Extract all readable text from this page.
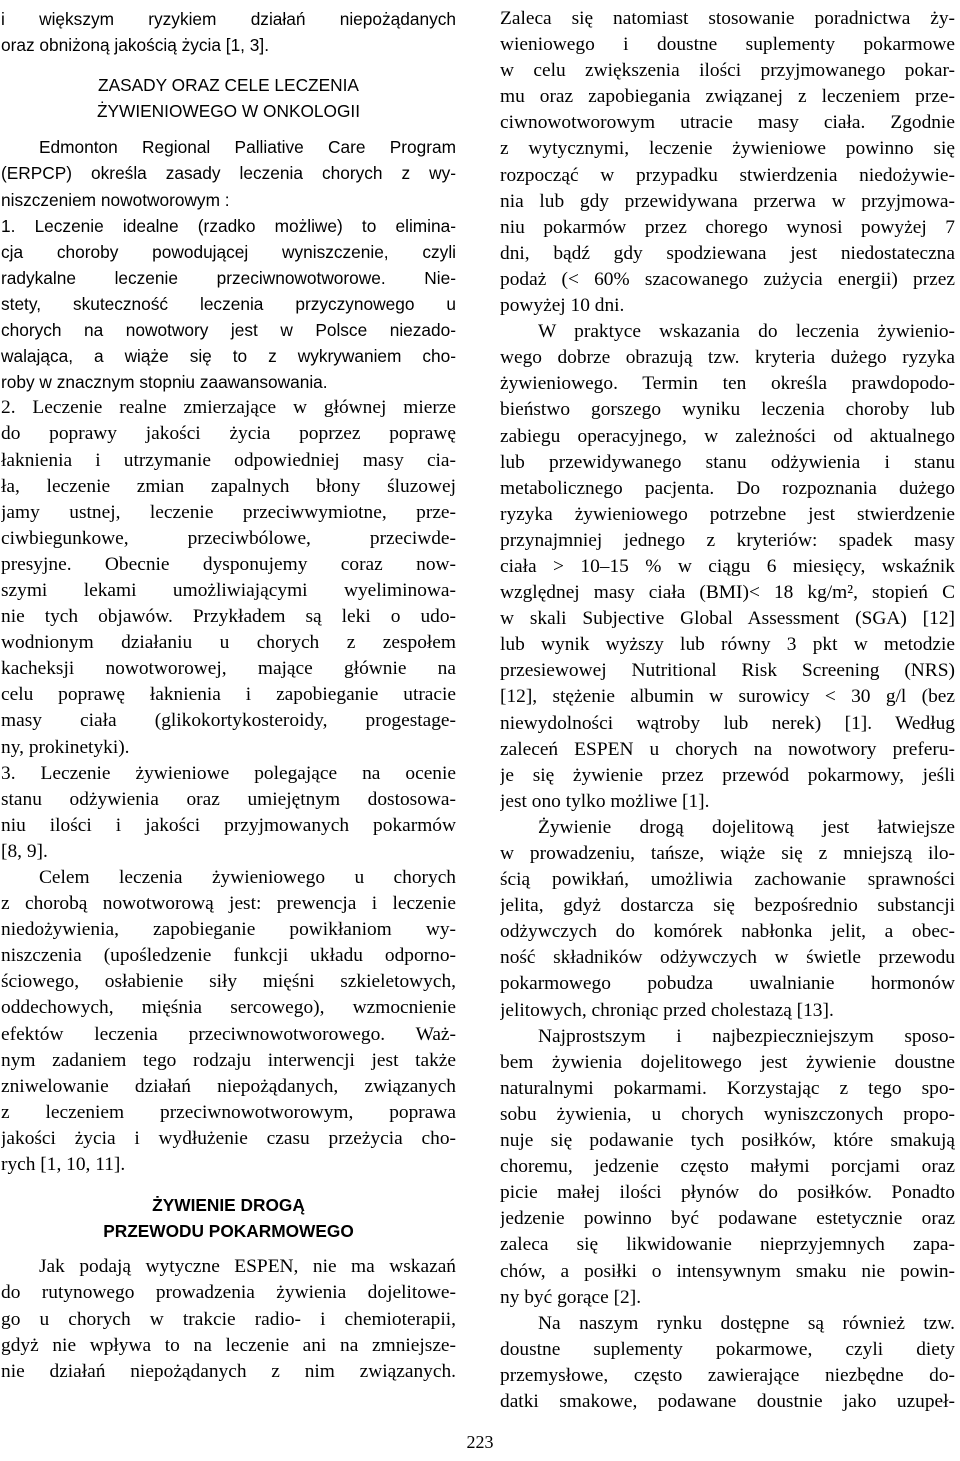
i większym ryzykiem działań niepożądanych
oraz obniżoną jakością życia [1, 3].
ZASADY ORAZ CELE LECZENIA
ŻYWIENIOWEGO W ONKOLOGII
Edmonton Regional Palliative Care Program
(ERPCP) określa zasady leczenia chorych z wy-
niszczeniem nowotworowym :
1. Leczenie idealne (rzadko możliwe) to elimina-
cja choroby powodującej wyniszczenie, czyli
radykalne leczenie przeciwnowotworowe. Nie-
stety, skuteczność leczenia przyczynowego u
chorych na nowotwory jest w Polsce niezado-
walająca, a wiąże się to z wykrywaniem cho-
roby w znacznym stopniu zaawansowania.
2. Leczenie realne zmierzające w głównej mierze
do poprawy jakości życia poprzez poprawę
łaknienia i utrzymanie odpowiedniej masy cia-
ła, leczenie zmian zapalnych błony śluzowej
jamy ustnej, leczenie przeciwwymiotne, prze-
ciwbiegunkowe, przeciwbólowe, przeciwde-
presyjne. Obecnie dysponujemy coraz now-
szymi lekami umożliwiającymi wyeliminowa-
nie tych objawów. Przykładem są leki o udo-
wodnionym działaniu u chorych z zespołem
kacheksji nowotworowej, mające głównie na
celu poprawę łaknienia i zapobieganie utracie
masy ciała (glikokortykosteroidy, progestage-
ny, prokinetyki).
3. Leczenie żywieniowe polegające na ocenie
stanu odżywienia oraz umiejętnym dostosowa-
niu ilości i jakości przyjmowanych pokarmów
[8, 9].
Celem leczenia żywieniowego u chorych
z chorobą nowotworową jest: prewencja i leczenie
niedożywienia, zapobieganie powikłaniom wy-
niszczenia (upośledzenie funkcji układu odporno-
ściowego, osłabienie siły mięśni szkieletowych,
oddechowych, mięśnia sercowego), wzmocnienie
efektów leczenia przeciwnowotworowego. Waż-
nym zadaniem tego rodzaju interwencji jest także
zniwelowanie działań niepożądanych, związanych
z leczeniem przeciwnowotworowym, poprawa
jakości życia i wydłużenie czasu przeżycia cho-
rych [1, 10, 11].
ŻYWIENIE DROGĄ
PRZEWODU POKARMOWEGO
Jak podają wytyczne ESPEN, nie ma wskazań
do rutynowego prowadzenia żywienia dojelitowe-
go u chorych w trakcie radio- i chemioterapii,
gdyż nie wpływa to na leczenie ani na zmniejsze-
nie działań niepożądanych z nim związanych.
Zaleca się natomiast stosowanie poradnictwa ży-
wieniowego i doustne suplementy pokarmowe
w celu zwiększenia ilości przyjmowanego pokar-
mu oraz zapobiegania związanej z leczeniem prze-
ciwnowotworowym utracie masy ciała. Zgodnie
z wytycznymi, leczenie żywieniowe powinno się
rozpocząć w przypadku stwierdzenia niedożywie-
nia lub gdy przewidywana przerwa w przyjmowa-
niu pokarmów przez chorego wynosi powyżej 7
dni, bądź gdy spodziewana jest niedostateczna
podaż (< 60% szacowanego zużycia energii) przez
powyżej 10 dni.
W praktyce wskazania do leczenia żywienio-
wego dobrze obrazują tzw. kryteria dużego ryzyka
żywieniowego. Termin ten określa prawdopodo-
bieństwo gorszego wyniku leczenia choroby lub
zabiegu operacyjnego, w zależności od aktualnego
lub przewidywanego stanu odżywienia i stanu
metabolicznego pacjenta. Do rozpoznania dużego
ryzyka żywieniowego potrzebne jest stwierdzenie
przynajmniej jednego z kryteriów: spadek masy
ciała > 10–15 % w ciągu 6 miesięcy, wskaźnik
względnej masy ciała (BMI)< 18 kg/m², stopień C
w skali Subjective Global Assessment (SGA) [12]
lub wynik wyższy lub równy 3 pkt w metodzie
przesiewowej Nutritional Risk Screening (NRS)
[12], stężenie albumin w surowicy < 30 g/l (bez
niewydolności wątroby lub nerek) [1]. Według
zaleceń ESPEN u chorych na nowotwory preferu-
je się żywienie przez przewód pokarmowy, jeśli
jest ono tylko możliwe [1].
Żywienie drogą dojelitową jest łatwiejsze
w prowadzeniu, tańsze, wiąże się z mniejszą ilo-
ścią powikłań, umożliwia zachowanie sprawności
jelita, gdyż dostarcza się bezpośrednio substancji
odżywczych do komórek nabłonka jelit, a obec-
ność składników odżywczych w świetle przewodu
pokarmowego pobudza uwalnianie hormonów
jelitowych, chroniąc przed cholestazą [13].
Najprostszym i najbezpieczniejszym sposo-
bem żywienia dojelitowego jest żywienie doustne
naturalnymi pokarmami. Korzystając z tego spo-
sobu żywienia, u chorych wyniszczonych propo-
nuje się podawanie tych posiłków, które smakują
choremu, jedzenie często małymi porcjami oraz
picie małej ilości płynów do posiłków. Ponadto
jedzenie powinno być podawane estetycznie oraz
zaleca się likwidowanie nieprzyjemnych zapa-
chów, a posiłki o intensywnym smaku nie powin-
ny być gorące [2].
Na naszym rynku dostępne są również tzw.
doustne suplementy pokarmowe, czyli diety
przemysłowe, często zawierające niezbędne do-
datki smakowe, podawane doustnie jako uzupeł-
223
